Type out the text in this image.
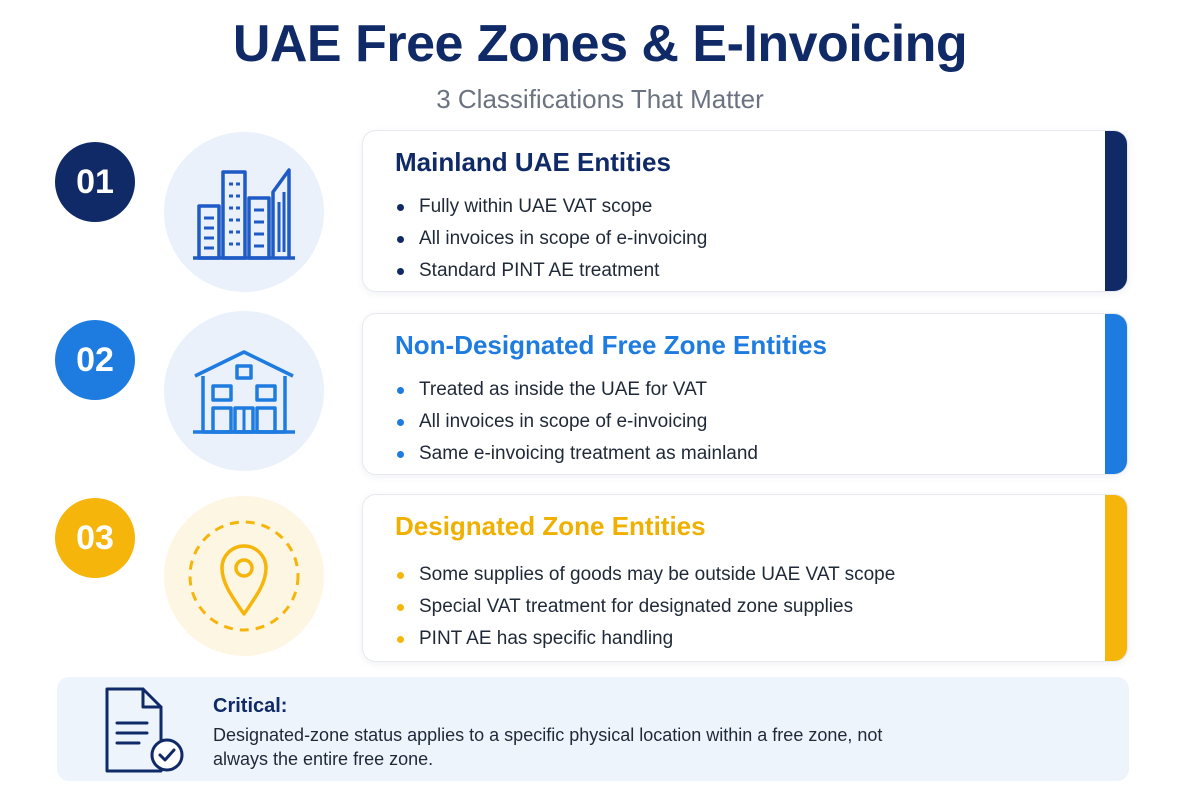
UAE Free Zones & E-Invoicing
3 Classifications That Matter
01
Mainland UAE Entities
Fully within UAE VAT scope
All invoices in scope of e-invoicing
Standard PINT AE treatment
02	Non-Designated Free Zone Entities
Treated as inside the UAE for VAT
All invoices in scope of e-invoicing
Same e-invoicing treatment as mainland
03	Designated Zone Entities
Some supplies of goods may be outside UAE VAT scope
Special VAT treatment for designated zone supplies
PINT AE has specific handling
Critical:
Designated-zone status applies to a specific physical location within a free zone, not always the entire free zone.
